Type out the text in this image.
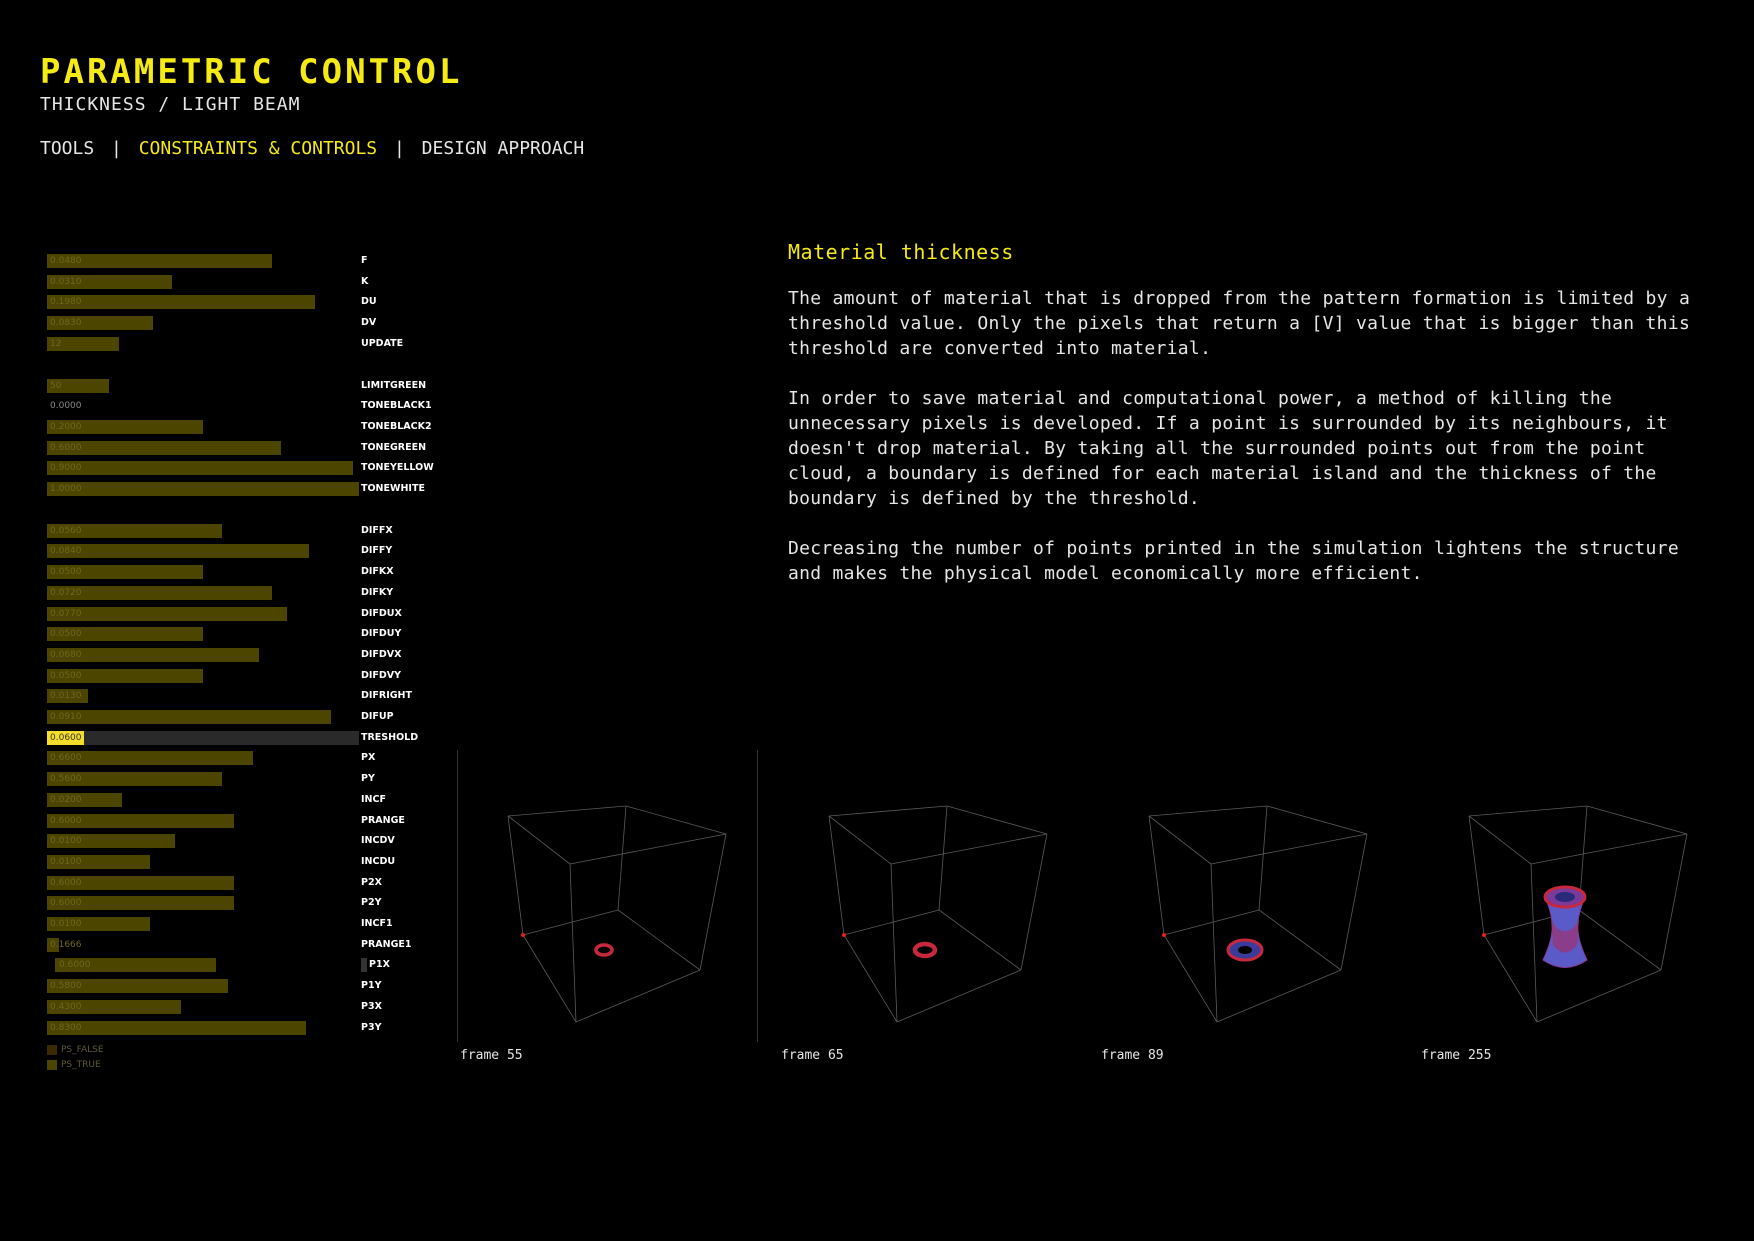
PARAMETRIC CONTROL
THICKNESS / LIGHT BEAM
TOOLS | CONSTRAINTS & CONTROLS | DESIGN APPROACH
0.0480	F
0.0310	K
0.1980	DU
0.0830	DV
12	UPDATE
50	LIMITGREEN
0.0000	TONEBLACK1
0.2000	TONEBLACK2
0.6000	TONEGREEN
0.9000	TONEYELLOW
1.0000	TONEWHITE
0.0560	DIFFX
0.0840	DIFFY
0.0500	DIFKX
0.0720	DIFKY
0.0770	DIFDUX
0.0500	DIFDUY
0.0680	DIFDVX
0.0500	DIFDVY
0.0130	DIFRIGHT
0.0910	DIFUP
0.0600	TRESHOLD
0.6600	PX
0.5600	PY
0.0200	INCF
0.6000	PRANGE
0.0100	INCDV
0.0100	INCDU
0.6000	P2X
0.6000	P2Y
0.0100	INCF1
0.1666	PRANGE1
0.6000	P1X
0.5800	P1Y
0.4300	P3X
0.8300	P3Y
PS_FALSE
PS_TRUE
Material thickness

The amount of material that is dropped from the pattern formation is limited by a threshold value. Only the pixels that return a [V] value that is bigger than this threshold are converted into material.

In order to save material and computational power, a method of killing the unnecessary pixels is developed. If a point is surrounded by its neighbours, it doesn't drop material. By taking all the surrounded points out from the point cloud, a boundary is defined for each material island and the thickness of the boundary is defined by the threshold.

Decreasing the number of points printed in the simulation lightens the structure and makes the physical model economically more efficient.

frame 55	frame 65	frame 89	frame 255
